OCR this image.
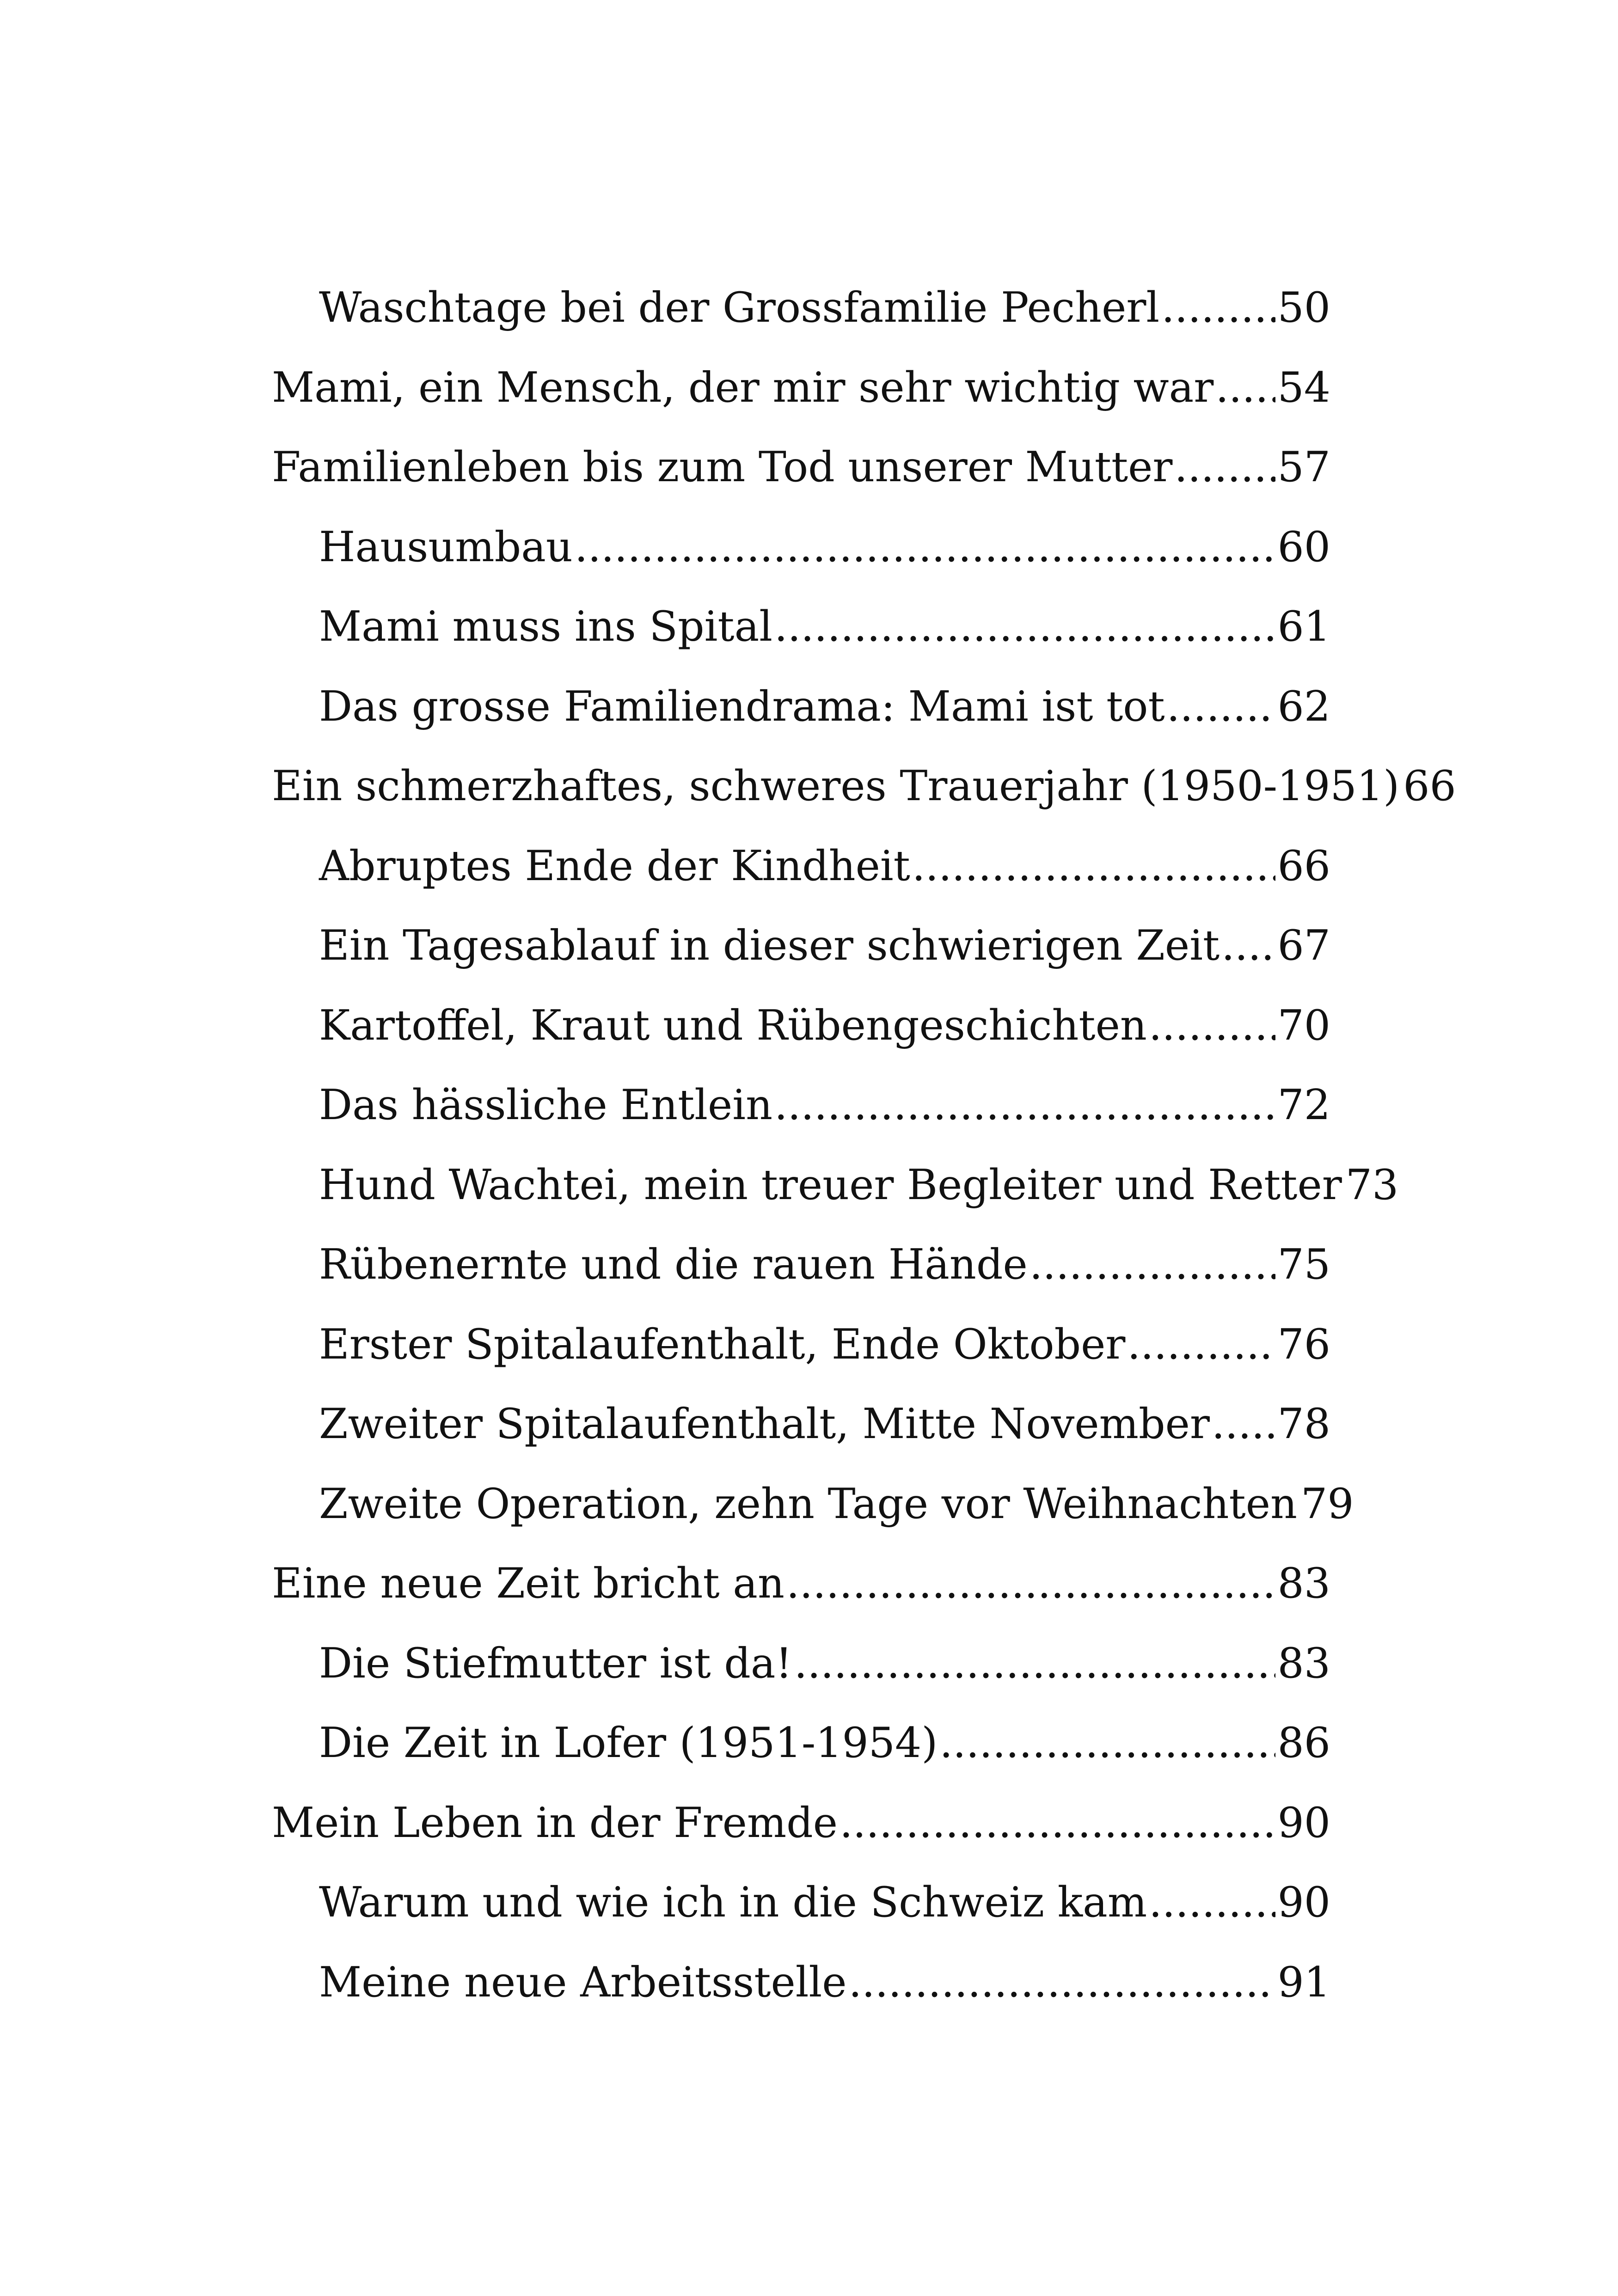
Waschtage bei der Grossfamilie Pecherl .....	50
Mami, ein Mensch, der mir sehr wichtig war ..... 54
Familienleben bis zum Tod unserer Mutter .....	57
Hausumbau .....	60
Mami muss ins Spital .....	61
Das grosse Familiendrama: Mami ist tot .....	62
Ein schmerzhaftes, schweres Trauerjahr (1950-1951) 66
Abruptes Ende der Kindheit .....	66
Ein Tagesablauf in dieser schwierigen Zeit ..... 67
Kartoffel, Kraut und Rübengeschichten .....	70
Das hässliche Entlein .....	72
Hund Wachtei, mein treuer Begleiter und Retter 73
Rübenernte und die rauen Hände .....	75
Erster Spitalaufenthalt, Ende Oktober .....	76
Zweiter Spitalaufenthalt, Mitte November ..... 78
Zweite Operation, zehn Tage vor Weihnachten 79
Eine neue Zeit bricht an .....	83
Die Stiefmutter ist da! .....	83
Die Zeit in Lofer (1951-1954) .....	86
Mein Leben in der Fremde .....	90
Warum und wie ich in die Schweiz kam .....	90
Meine neue Arbeitsstelle .....	91
